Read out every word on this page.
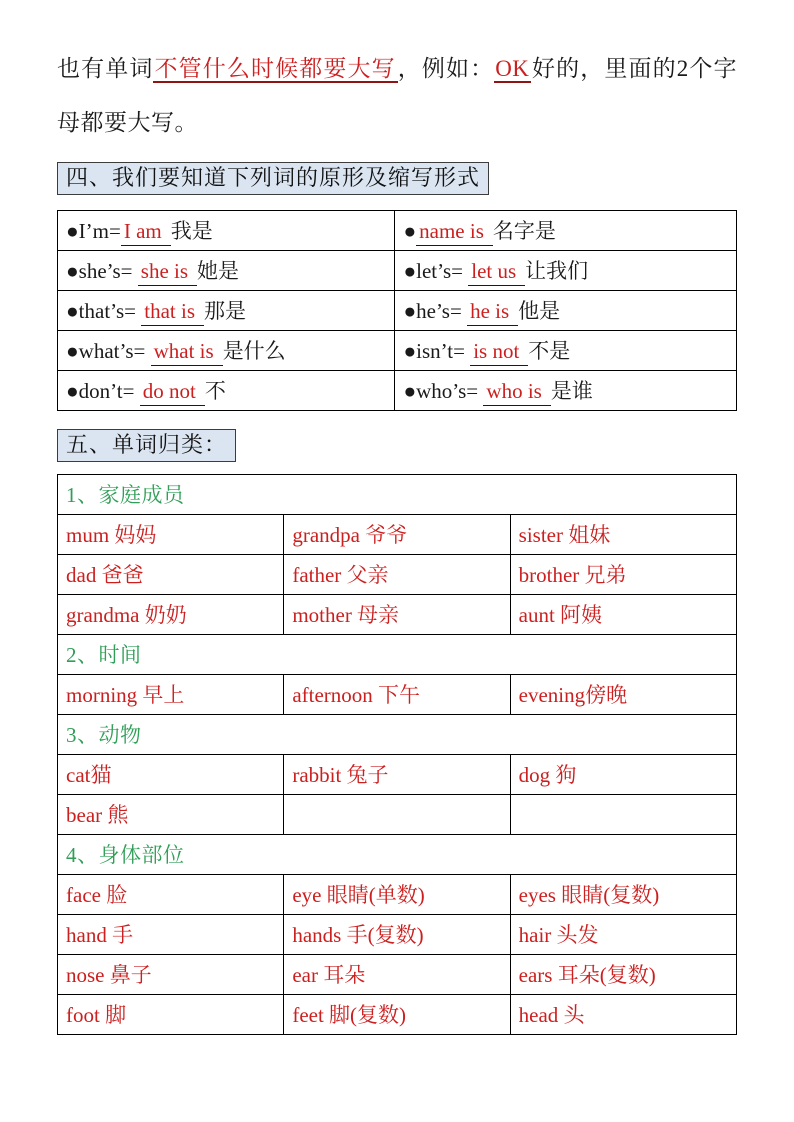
也有单词不管什么时候都要大写，例如：OK好的，里面的2个字母都要大写。

四、我们要知道下列词的原形及缩写形式
●I’m= I am 我是	● name is 名字是
●she’s= she is 她是	●let’s= let us 让我们
●that’s= that is 那是	●he’s= he is 他是
●what’s= what is 是什么	●isn’t= is not 不是
●don’t= do not 不	●who’s= who is 是谁
五、单词归类：
1、家庭成员		
mum 妈妈	grandpa 爷爷	sister 姐妹
dad 爸爸	father 父亲	brother 兄弟
grandma 奶奶	mother 母亲	aunt 阿姨
2、时间		
morning 早上	afternoon 下午	evening傍晚
3、动物		
cat猫	rabbit 兔子	dog 狗
bear 熊		
4、身体部位		
face 脸	eye 眼睛(单数)	eyes 眼睛(复数)
hand 手	hands 手(复数)	hair 头发
nose 鼻子	ear 耳朵	ears 耳朵(复数)
foot 脚	feet 脚(复数)	head 头
